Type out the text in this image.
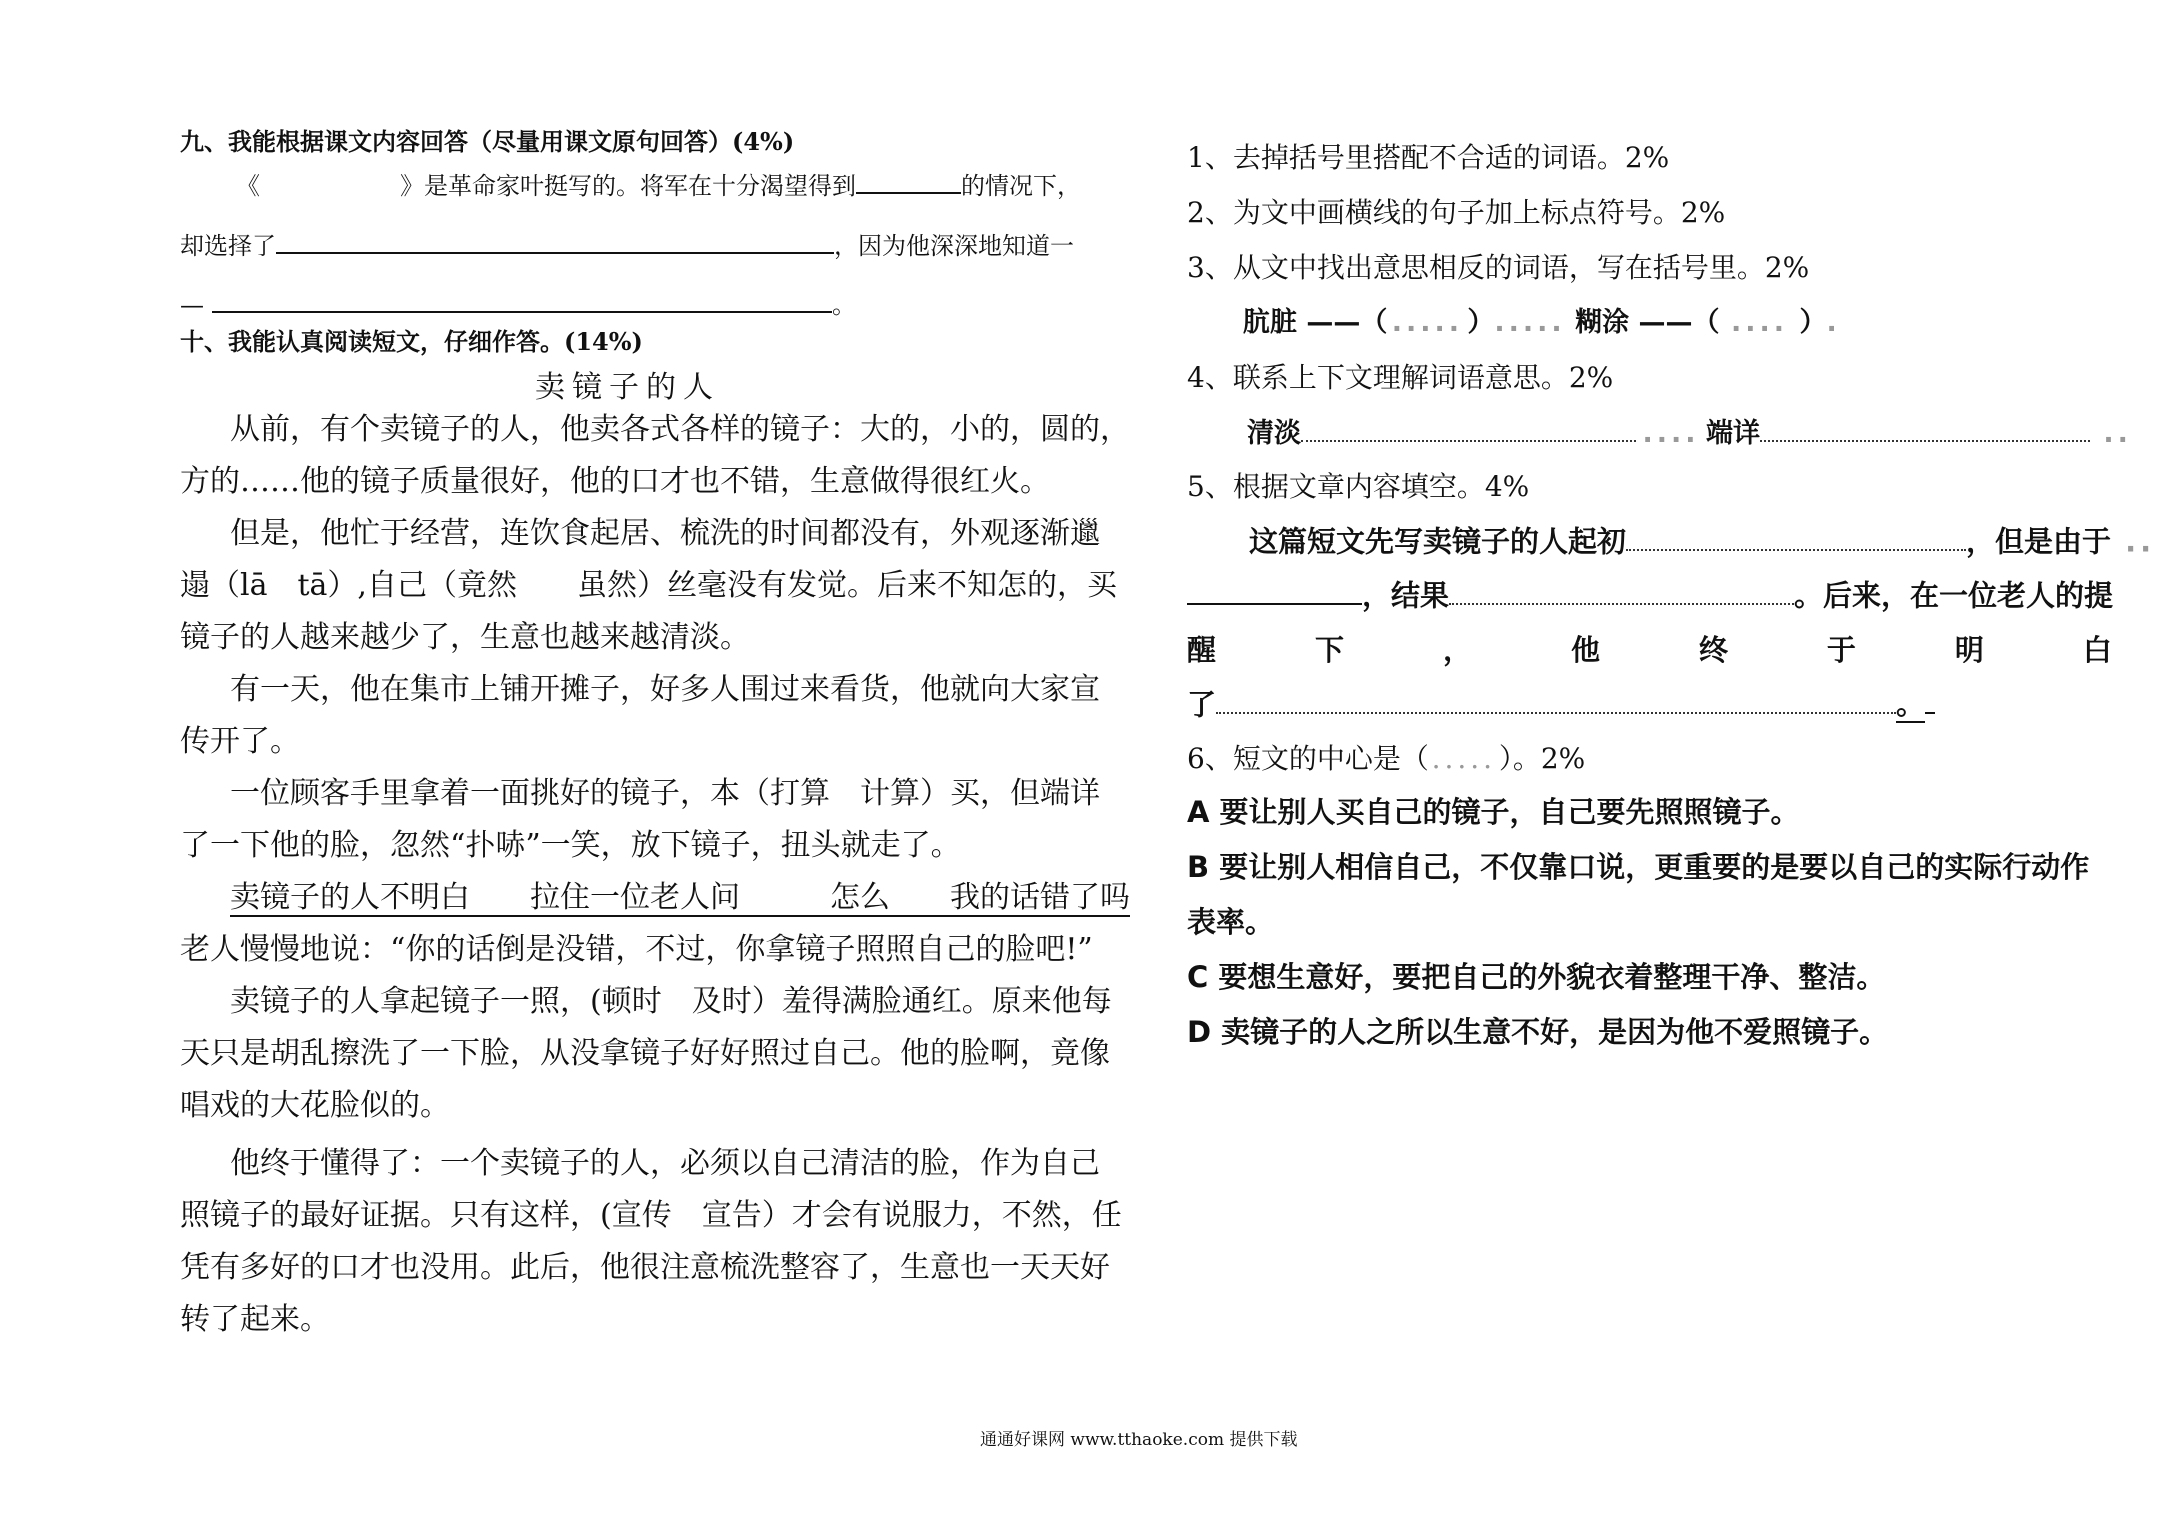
九、我能根据课文内容回答（尽量用课文原句回答）(4%)
《	》是革命家叶挺写的。将军在十分渴望得到	的情况下，
却选择了	，因为他深深地知道一
—	。
十、我能认真阅读短文，仔细作答。(14%)
卖镜子的人
从前，有个卖镜子的人，他卖各式各样的镜子：大的，小的，圆的，
方的……他的镜子质量很好，他的口才也不错，生意做得很红火。
但是，他忙于经营，连饮食起居、梳洗的时间都没有，外观逐渐邋
遢（lā　tā）,自己（竟然　　虽然）丝毫没有发觉。后来不知怎的，买
镜子的人越来越少了，生意也越来越清淡。
有一天，他在集市上铺开摊子，好多人围过来看货，他就向大家宣
传开了。
一位顾客手里拿着一面挑好的镜子，本（打算　计算）买，但端详
了一下他的脸，忽然“扑哧”一笑，放下镜子，扭头就走了。
卖镜子的人不明白　　拉住一位老人问　　　怎么　　我的话错了吗
老人慢慢地说：“你的话倒是没错，不过，你拿镜子照照自己的脸吧!”
卖镜子的人拿起镜子一照，(顿时　及时）羞得满脸通红。原来他每
天只是胡乱擦洗了一下脸，从没拿镜子好好照过自己。他的脸啊，竟像
唱戏的大花脸似的。
他终于懂得了：一个卖镜子的人，必须以自己清洁的脸，作为自己
照镜子的最好证据。只有这样，(宣传　宣告）才会有说服力，不然，任
凭有多好的口才也没用。此后，他很注意梳洗整容了，生意也一天天好
转了起来。
1、去掉括号里搭配不合适的词语。2%
2、为文中画横线的句子加上标点符号。2%
3、从文中找出意思相反的词语，写在括号里。2%
肮脏 ——（ ..... ）..... 糊涂 ——（ .... ）.
4、联系上下文理解词语意思。2%
清淡	.... 端详	..
5、根据文章内容填空。4%
这篇短文先写卖镜子的人起初	，但是由于 ..
，结果	。后来，在一位老人的提
醒	下	，	他	终	于	明	白
了	。
6、短文的中心是（.....）。2%
A 要让别人买自己的镜子，自己要先照照镜子。
B 要让别人相信自己，不仅靠口说，更重要的是要以自己的实际行动作
表率。
C 要想生意好，要把自己的外貌衣着整理干净、整洁。
D 卖镜子的人之所以生意不好，是因为他不爱照镜子。
通通好课网 www.tthaoke.com 提供下载
